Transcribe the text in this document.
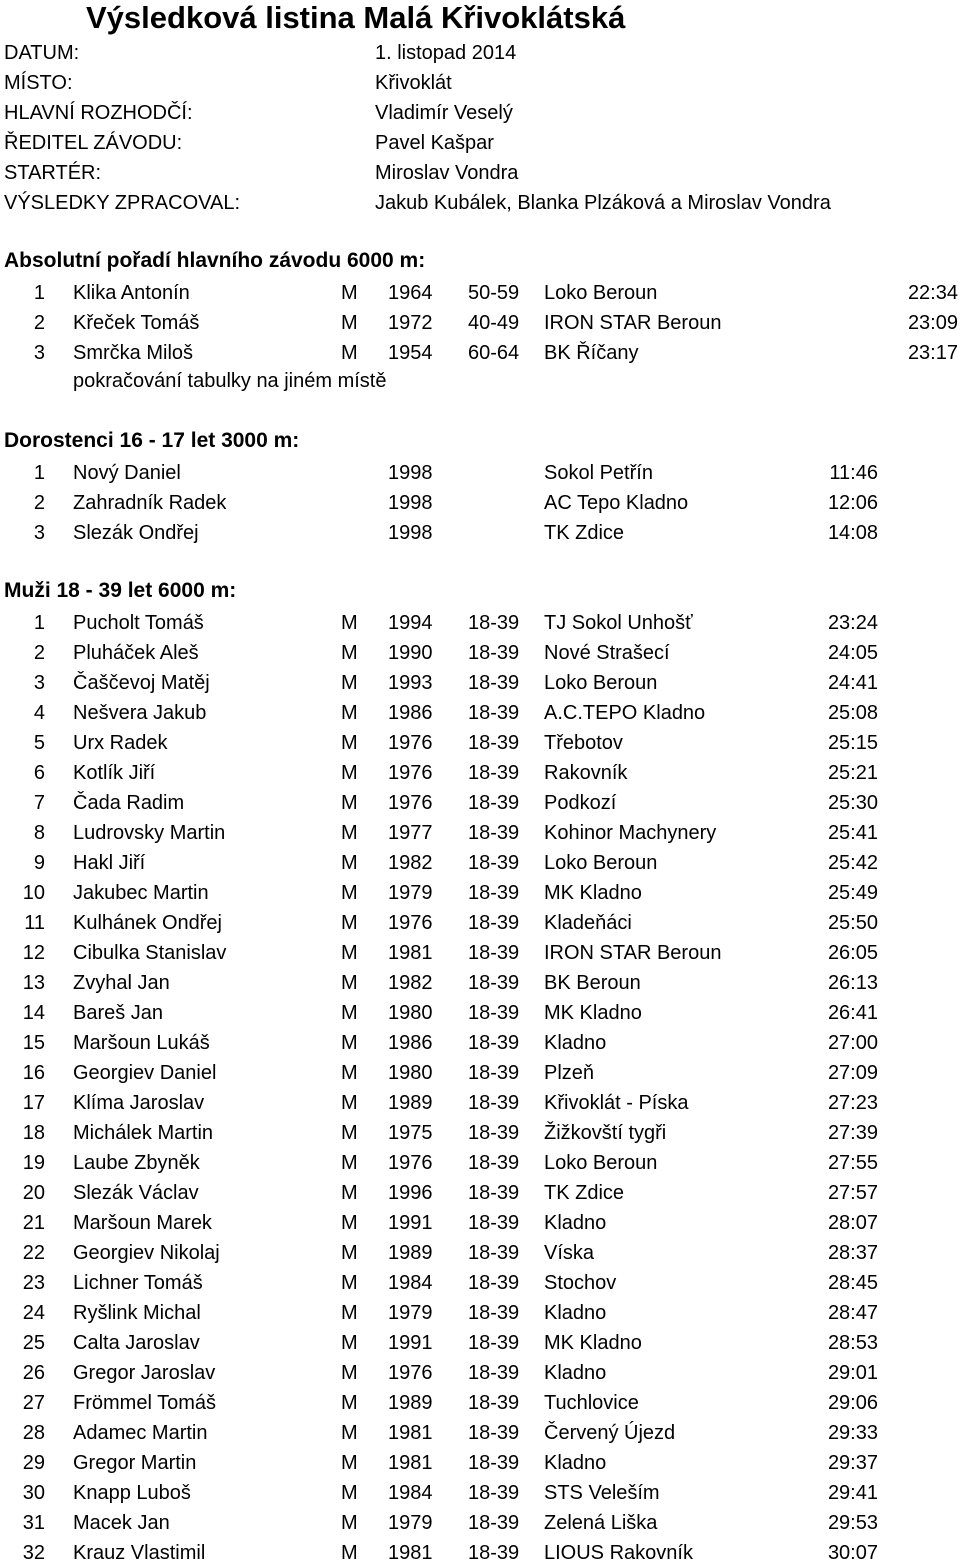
Výsledková listina Malá Křivoklátská
DATUM:	1. listopad 2014
MÍSTO:	Křivoklát
HLAVNÍ ROZHODČÍ:	Vladimír Veselý
ŘEDITEL ZÁVODU:	Pavel Kašpar
STARTÉR:	Miroslav Vondra
VÝSLEDKY ZPRACOVAL:	Jakub Kubálek, Blanka Plzáková a Miroslav Vondra
Absolutní pořadí hlavního závodu 6000 m:
1 Klika Antonín	M 1964 50-59 Loko Beroun	22:34
2 Křeček Tomáš	M 1972 40-49 IRON STAR Beroun	23:09
3 Smrčka Miloš	M 1954 60-64 BK Říčany	23:17
pokračování tabulky na jiném místě
Dorostenci 16 - 17 let 3000 m:
1 Nový Daniel	1998	Sokol Petřín	11:46
2 Zahradník Radek	1998	AC Tepo Kladno	12:06
3 Slezák Ondřej	1998	TK Zdice	14:08
Muži 18 - 39 let 6000 m:
1 Pucholt Tomáš	M 1994 18-39 TJ Sokol Unhošť	23:24
2 Pluháček Aleš	M 1990 18-39 Nové Strašecí	24:05
3 Čaščevoj Matěj	M 1993 18-39 Loko Beroun	24:41
4 Nešvera Jakub	M 1986 18-39 A.C.TEPO Kladno	25:08
5 Urx Radek	M 1976 18-39 Třebotov	25:15
6 Kotlík Jiří	M 1976 18-39 Rakovník	25:21
7 Čada Radim	M 1976 18-39 Podkozí	25:30
8 Ludrovsky Martin	M 1977 18-39 Kohinor Machynery	25:41
9 Hakl Jiří	M 1982 18-39 Loko Beroun	25:42
10 Jakubec Martin	M 1979 18-39 MK Kladno	25:49
11 Kulhánek Ondřej	M 1976 18-39 Kladeňáci	25:50
12 Cibulka Stanislav	M 1981 18-39 IRON STAR Beroun	26:05
13 Zvyhal Jan	M 1982 18-39 BK Beroun	26:13
14 Bareš Jan	M 1980 18-39 MK Kladno	26:41
15 Maršoun Lukáš	M 1986 18-39 Kladno	27:00
16 Georgiev Daniel	M 1980 18-39 Plzeň	27:09
17 Klíma Jaroslav	M 1989 18-39 Křivoklát - Píska	27:23
18 Michálek Martin	M 1975 18-39 Žižkovští tygři	27:39
19 Laube Zbyněk	M 1976 18-39 Loko Beroun	27:55
20 Slezák Václav	M 1996 18-39 TK Zdice	27:57
21 Maršoun Marek	M 1991 18-39 Kladno	28:07
22 Georgiev Nikolaj	M 1989 18-39 Víska	28:37
23 Lichner Tomáš	M 1984 18-39 Stochov	28:45
24 Ryšlink Michal	M 1979 18-39 Kladno	28:47
25 Calta Jaroslav	M 1991 18-39 MK Kladno	28:53
26 Gregor Jaroslav	M 1976 18-39 Kladno	29:01
27 Frömmel Tomáš	M 1989 18-39 Tuchlovice	29:06
28 Adamec Martin	M 1981 18-39 Červený Újezd	29:33
29 Gregor Martin	M 1981 18-39 Kladno	29:37
30 Knapp Luboš	M 1984 18-39 STS Veleším	29:41
31 Macek Jan	M 1979 18-39 Zelená Liška	29:53
32 Krauz Vlastimil	M 1981 18-39 LIOUS Rakovník	30:07
